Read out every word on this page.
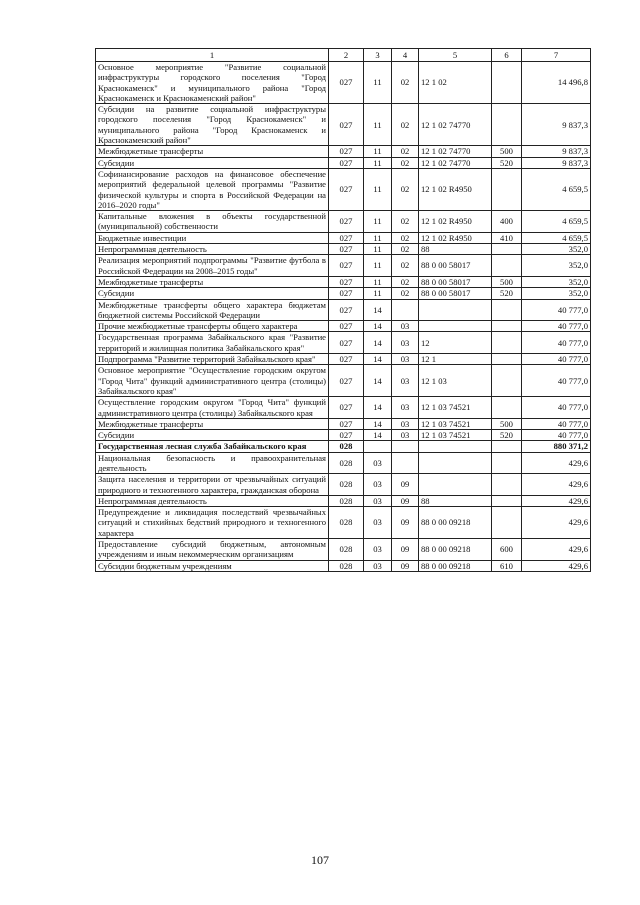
1	2	3	4	5	6	7
Основное мероприятие "Развитие социальной инфраструктуры городского поселения "Город Краснокаменск" и муниципального района "Город Краснокаменск и Краснокаменский район"	027	11	02	12 1 02		14 496,8
Субсидии на развитие социальной инфраструктуры городского поселения "Город Краснокаменск" и муниципального района "Город Краснокаменск и Краснокаменский район"	027	11	02	12 1 02 74770		9 837,3
Межбюджетные трансферты	027	11	02	12 1 02 74770	500	9 837,3
Субсидии	027	11	02	12 1 02 74770	520	9 837,3
Софинансирование расходов на финансовое обеспечение мероприятий федеральной целевой программы "Развитие физической культуры и спорта в Российской Федерации на 2016–2020 годы"	027	11	02	12 1 02 R4950		4 659,5
Капитальные вложения в объекты государственной (муниципальной) собственности	027	11	02	12 1 02 R4950	400	4 659,5
Бюджетные инвестиции	027	11	02	12 1 02 R4950	410	4 659,5
Непрограммная деятельность	027	11	02	88		352,0
Реализация мероприятий подпрограммы "Развитие футбола в Российской Федерации на 2008–2015 годы"	027	11	02	88 0 00 58017		352,0
Межбюджетные трансферты	027	11	02	88 0 00 58017	500	352,0
Субсидии	027	11	02	88 0 00 58017	520	352,0
Межбюджетные трансферты общего характера бюджетам бюджетной системы Российской Федерации	027	14				40 777,0
Прочие межбюджетные трансферты общего характера	027	14	03			40 777,0
Государственная программа Забайкальского края "Развитие территорий и жилищная политика Забайкальского края"	027	14	03	12		40 777,0
Подпрограмма "Развитие территорий Забайкальского края"	027	14	03	12 1		40 777,0
Основное мероприятие "Осуществление городским округом "Город Чита" функций административного центра (столицы) Забайкальского края"	027	14	03	12 1 03		40 777,0
Осуществление городским округом "Город Чита" функций административного центра (столицы) Забайкальского края	027	14	03	12 1 03 74521		40 777,0
Межбюджетные трансферты	027	14	03	12 1 03 74521	500	40 777,0
Субсидии	027	14	03	12 1 03 74521	520	40 777,0
Государственная лесная служба Забайкальского края	028					880 371,2
Национальная безопасность и правоохранительная деятельность	028	03				429,6
Защита населения и территории от чрезвычайных ситуаций природного и техногенного характера, гражданская оборона	028	03	09			429,6
Непрограммная деятельность	028	03	09	88		429,6
Предупреждение и ликвидация последствий чрезвычайных ситуаций и стихийных бедствий природного и техногенного характера	028	03	09	88 0 00 09218		429,6
Предоставление субсидий бюджетным, автономным учреждениям и иным некоммерческим организациям	028	03	09	88 0 00 09218	600	429,6
Субсидии бюджетным учреждениям	028	03	09	88 0 00 09218	610	429,6
107
